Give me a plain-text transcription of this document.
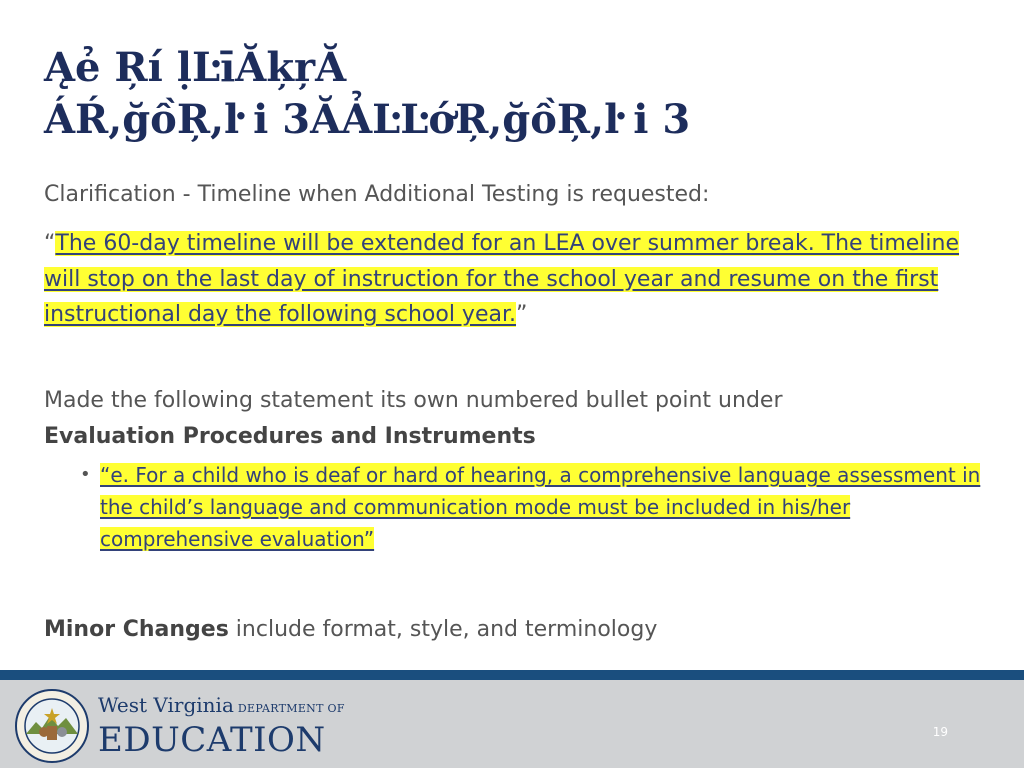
Ąẻ Ŗí ḷĿīĂķŗĂ
ÁŔ,ğồŖ,ŀ i 3ĂẢĿĿớŖ,ğồŖ,ŀ i 3

Clarification - Timeline when Additional Testing is requested:

“The 60-day timeline will be extended for an LEA over summer break. The timeline will stop on the last day of instruction for the school year and resume on the first instructional day the following school year.”

Made the following statement its own numbered bullet point under
Evaluation Procedures and Instruments

• “e. For a child who is deaf or hard of hearing, a comprehensive language assessment in the child’s language and communication mode must be included in his/her comprehensive evaluation”

Minor Changes include format, style, and terminology

West Virginia DEPARTMENT OF
EDUCATION	19
